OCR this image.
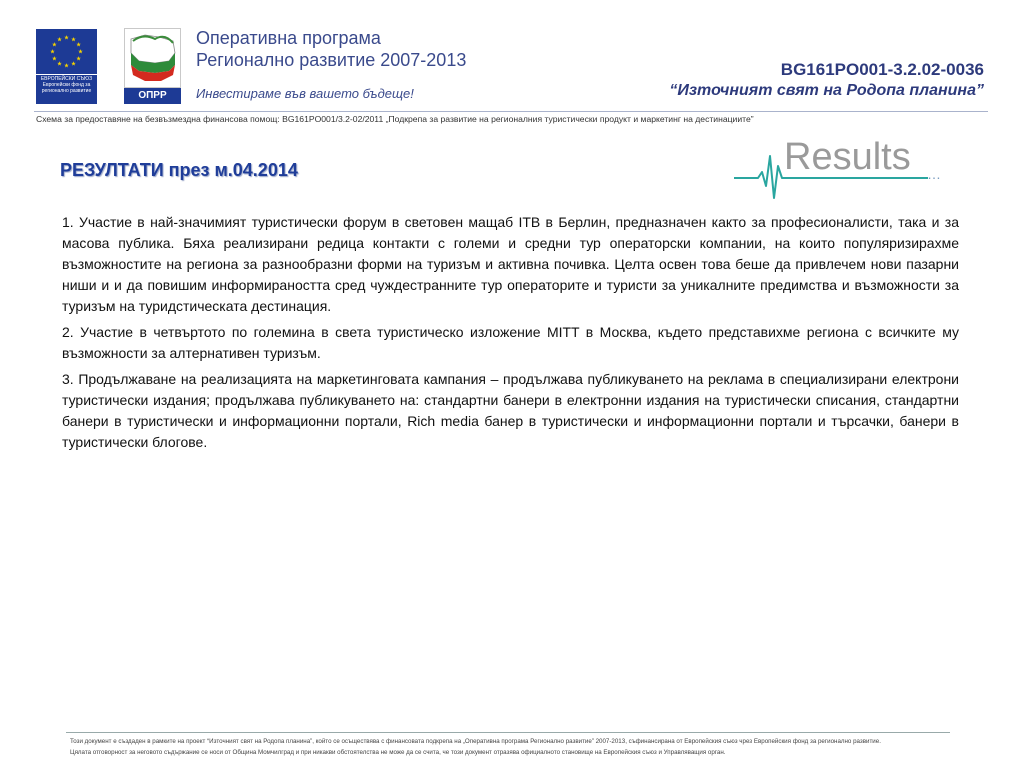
ЕВРОПЕЙСКИ СЪЮЗ
Европейски фонд за
регионално развитие	ОПРР
Оперативна програма
Регионално развитие 2007-2013
Инвестираме във вашето бъдеще!
BG161PO001-3.2.02-0036
“Източният свят на Родопа планина”
Схема за предоставяне на безвъзмездна финансова помощ: BG161PO001/3.2-02/2011 „Подкрепа за развитие на регионалния туристически продукт и маркетинг на дестинациите”
РЕЗУЛТАТИ през м.04.2014	Results …

1. Участие в най-значимият туристически форум в световен мащаб ITB в Берлин, предназначен както за професионалисти, така и за масова публика. Бяха реализирани редица контакти с големи и средни тур операторски компании, на които популяризирахме възможностите на региона за разнообразни форми на туризъм и активна почивка. Целта освен това беше да привлечем нови пазарни ниши и и да повишим информираността сред чуждестранните тур операторите и туристи за уникалните предимства и възможности за туризъм на туридстическата дестинация.

2. Участие в четвъртото по големина в света туристическо изложение MITT в Москва, където представихме региона с всичките му възможности за алтернативен туризъм.

3. Продължаване на реализацията на маркетинговата кампания – продължава публикуването на реклама в специализирани електрони туристически издания; продължава публикуването на: стандартни банери в електронни издания на туристически списания, стандартни банери в туристически и информационни портали, Rich media банер в туристически и информационни портали и търсачки, банери в туристически блогове.

Този документ е създаден в рамките на проект “Източният свят на Родопа планина”, който се осъществява с финансовата подкрепа на „Оперативна програма Регионално развитие” 2007-2013, съфинансирана от Европейския съюз чрез Европейския фонд за регионално развитие.
Цялата отговорност за неговото съдържание се носи от Община Момчилград и при никакви обстоятелства не може да се счита, че този документ отразява официалното становище на Европейския съюз и Управляващия орган.
